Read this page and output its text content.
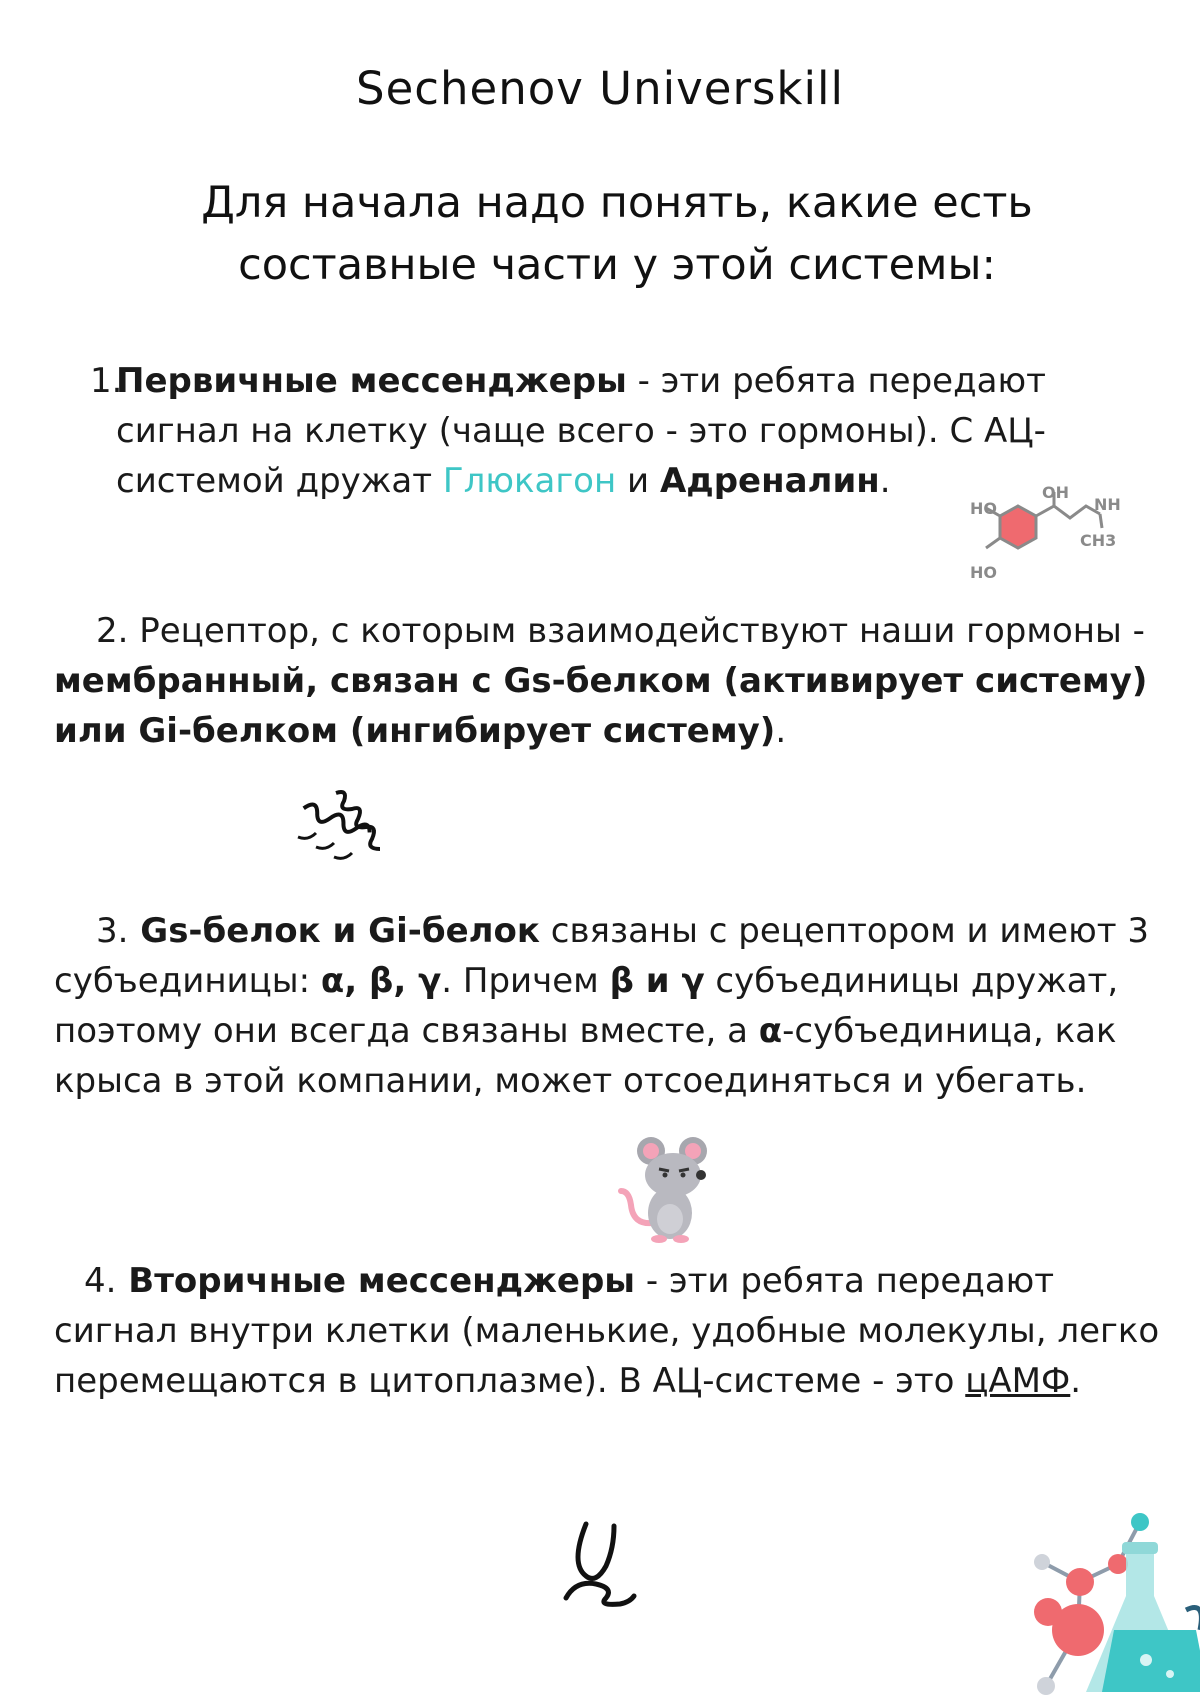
Sechenov Universkill
Для начала надо понять, какие есть
составные части у этой системы:
1.
Первичные мессенджеры - эти ребята передают сигнал на клетку (чаще всего - это гормоны). С АЦ-системой дружат Глюкагон и Адреналин.
HO
HO
OH
NH
CH3
2. Рецептор, с которым взаимодействуют наши гормоны - мембранный, связан с Gs-белком (активирует систему) или Gi-белком (ингибирует систему).
3. Gs-белок и Gi-белок связаны с рецептором и имеют 3 субъединицы: α, β, γ. Причем β и γ субъединицы дружат, поэтому они всегда связаны вместе, а α-субъединица, как крыса в этой компании, может отсоединяться и убегать.
4. Вторичные мессенджеры - эти ребята передают сигнал внутри клетки (маленькие, удобные молекулы, легко перемещаются в цитоплазме). В АЦ-системе - это цАМФ.
